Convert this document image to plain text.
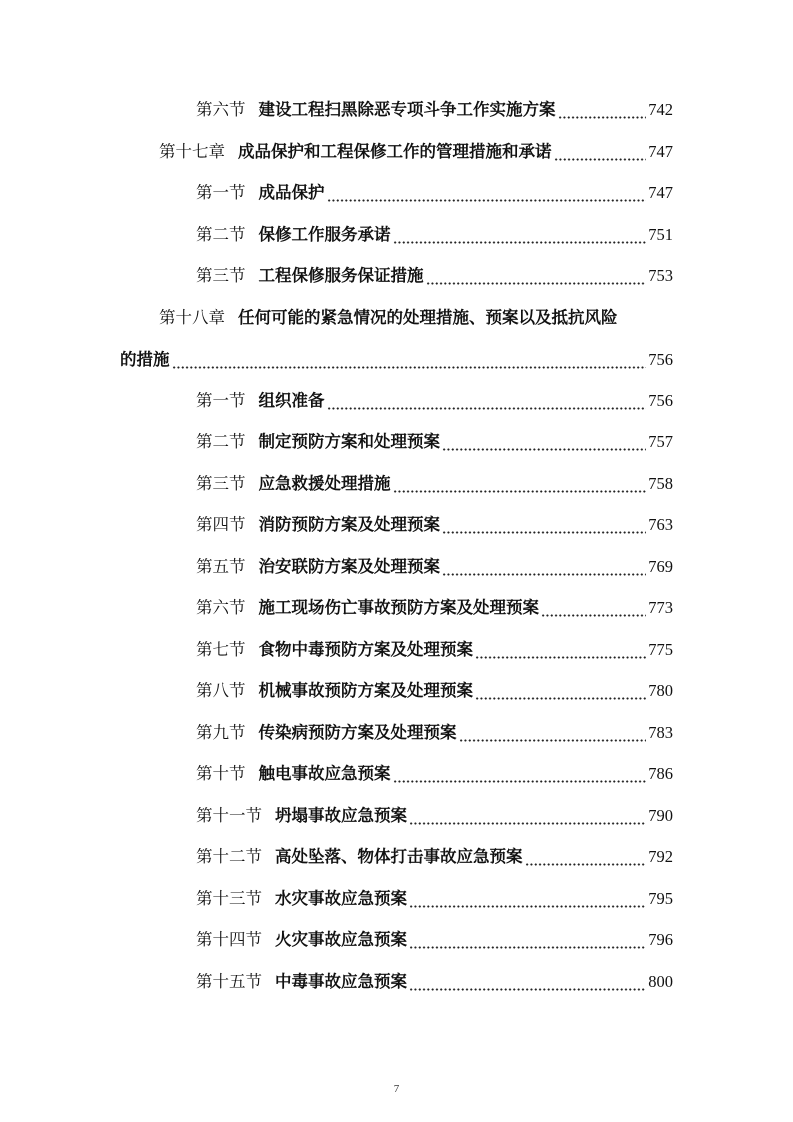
第六节 建设工程扫黑除恶专项斗争工作实施方案	742
第十七章 成品保护和工程保修工作的管理措施和承诺	747
第一节 成品保护	747
第二节 保修工作服务承诺	751
第三节 工程保修服务保证措施	753
第十八章 任何可能的紧急情况的处理措施、预案以及抵抗风险
的措施	756
第一节 组织准备	756
第二节 制定预防方案和处理预案	757
第三节 应急救援处理措施	758
第四节 消防预防方案及处理预案	763
第五节 治安联防方案及处理预案	769
第六节 施工现场伤亡事故预防方案及处理预案	773
第七节 食物中毒预防方案及处理预案	775
第八节 机械事故预防方案及处理预案	780
第九节 传染病预防方案及处理预案	783
第十节 触电事故应急预案	786
第十一节 坍塌事故应急预案	790
第十二节 高处坠落、物体打击事故应急预案	792
第十三节 水灾事故应急预案	795
第十四节 火灾事故应急预案	796
第十五节 中毒事故应急预案	800
7
